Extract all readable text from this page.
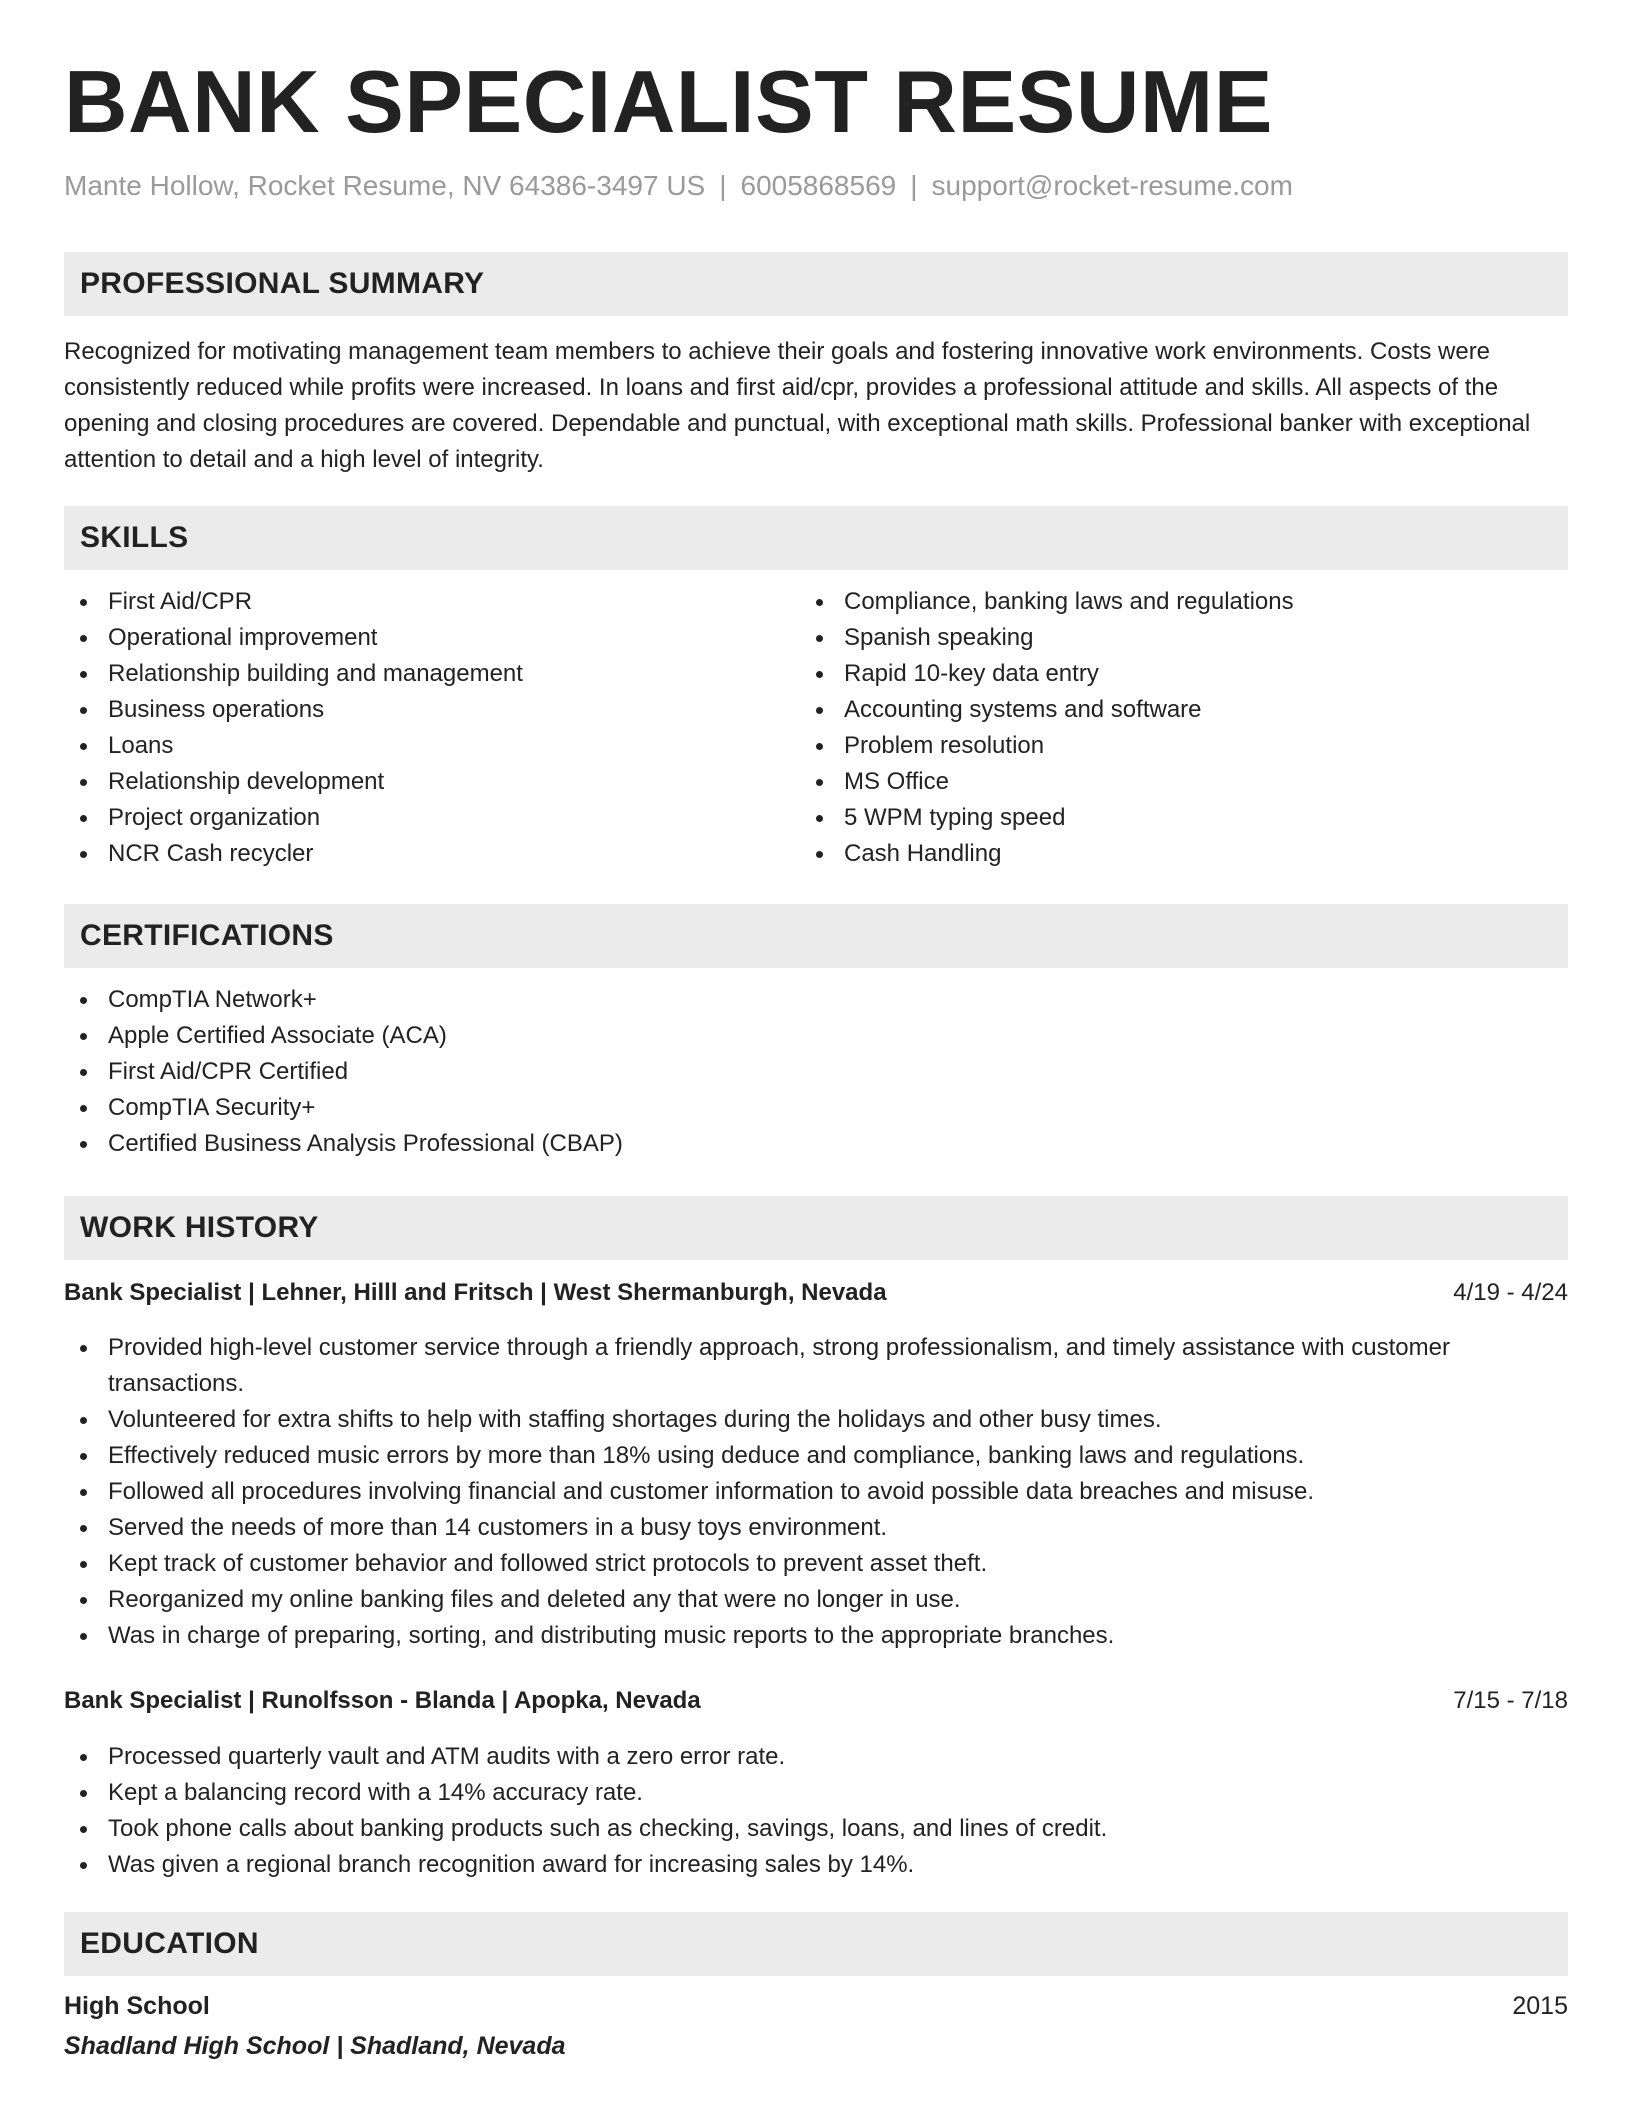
BANK SPECIALIST RESUME
Mante Hollow, Rocket Resume, NV 64386-3497 US | 6005868569 | support@rocket-resume.com
PROFESSIONAL SUMMARY

Recognized for motivating management team members to achieve their goals and fostering innovative work environments. Costs were consistently reduced while profits were increased. In loans and first aid/cpr, provides a professional attitude and skills. All aspects of the opening and closing procedures are covered. Dependable and punctual, with exceptional math skills. Professional banker with exceptional attention to detail and a high level of integrity.

SKILLS
First Aid/CPR
Operational improvement
Relationship building and management
Business operations
Loans
Relationship development
Project organization
NCR Cash recycler
Compliance, banking laws and regulations
Spanish speaking
Rapid 10-key data entry
Accounting systems and software
Problem resolution
MS Office
5 WPM typing speed
Cash Handling
CERTIFICATIONS
CompTIA Network+
Apple Certified Associate (ACA)
First Aid/CPR Certified
CompTIA Security+
Certified Business Analysis Professional (CBAP)
WORK HISTORY
Bank Specialist | Lehner, Hilll and Fritsch | West Shermanburgh, Nevada	4/19 - 4/24
Provided high-level customer service through a friendly approach, strong professionalism, and timely assistance with customer transactions.
Volunteered for extra shifts to help with staffing shortages during the holidays and other busy times.
Effectively reduced music errors by more than 18% using deduce and compliance, banking laws and regulations.
Followed all procedures involving financial and customer information to avoid possible data breaches and misuse.
Served the needs of more than 14 customers in a busy toys environment.
Kept track of customer behavior and followed strict protocols to prevent asset theft.
Reorganized my online banking files and deleted any that were no longer in use.
Was in charge of preparing, sorting, and distributing music reports to the appropriate branches.
Bank Specialist | Runolfsson - Blanda | Apopka, Nevada	7/15 - 7/18
Processed quarterly vault and ATM audits with a zero error rate.
Kept a balancing record with a 14% accuracy rate.
Took phone calls about banking products such as checking, savings, loans, and lines of credit.
Was given a regional branch recognition award for increasing sales by 14%.
EDUCATION
High School	2015
Shadland High School | Shadland, Nevada
